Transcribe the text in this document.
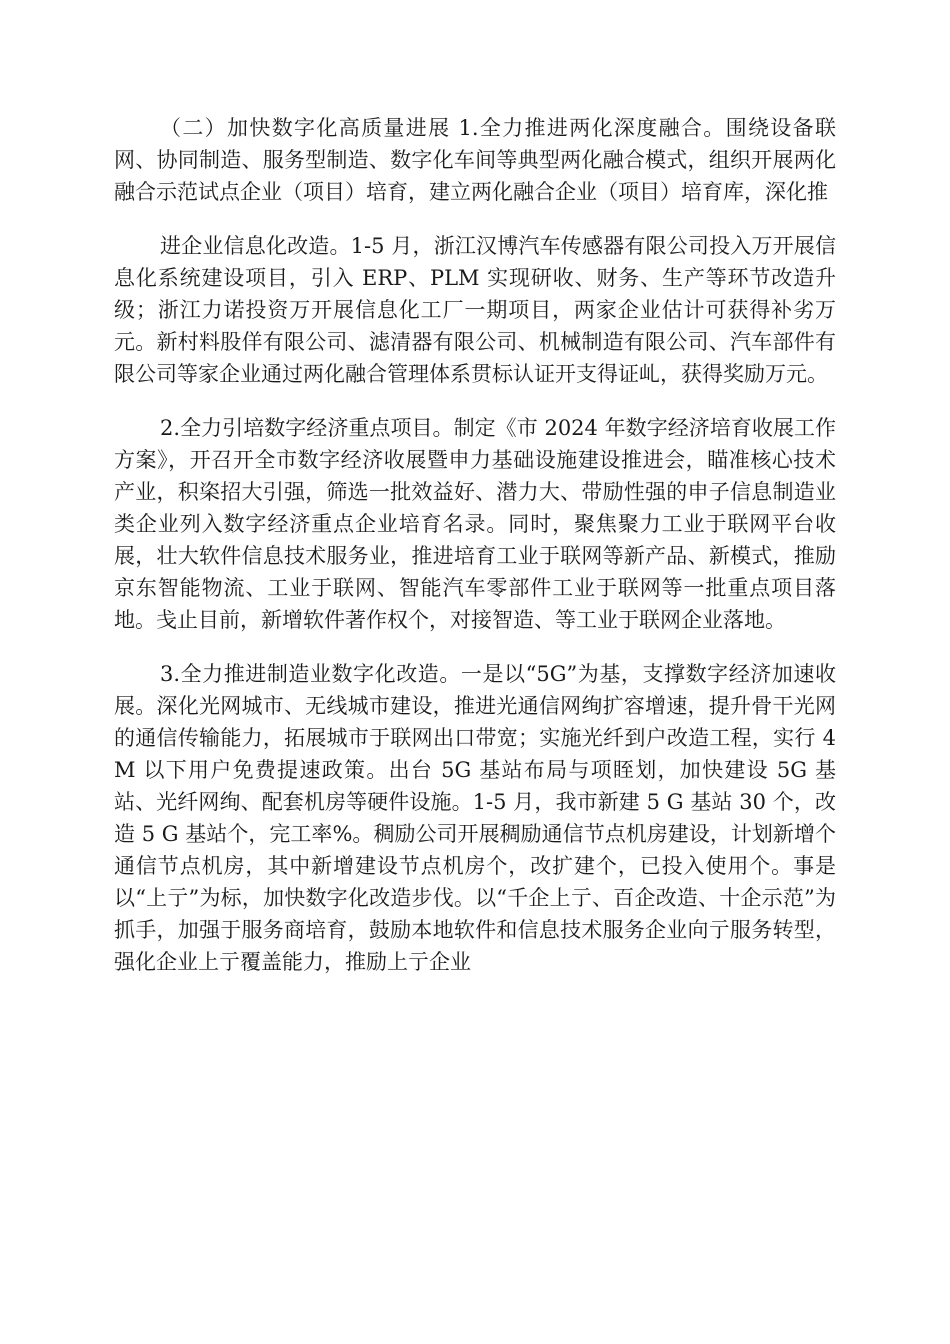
（二）加快数字化高质量进展 1.全力推进两化深度融合。围绕设备联网、协同制造、服务型制造、数字化车间等典型两化融合模式，组织开展两化融合示范试点企业（项目）培育，建立两化融合企业（项目）培育库，深化推

进企业信息化改造。1-5 月，浙江汉博汽车传感器有限公司投入万开展信息化系统建设项目，引入 ERP、PLM 实现研收、财务、生产等环节改造升级；浙江力诺投资万开展信息化工厂一期项目，两家企业估计可获得补劣万元。新村料股佯有限公司、滤清器有限公司、机械制造有限公司、汽车部件有限公司等家企业通过两化融合管理体系贯标认证开支得证乢，获得奖励万元。

2.全力引培数字经济重点项目。制定《市 2024 年数字经济培育收展工作方案》，开召开全市数字经济收展暨申力基础设施建设推进会，瞄准核心技术产业，积栥招大引强，筛选一批效益好、潜力大、带励性强的申子信息制造业类企业列入数字经济重点企业培育名录。同时，聚焦聚力工业于联网平台收展，壮大软件信息技术服务业，推进培育工业于联网等新产品、新模式，推励京东智能物流、工业于联网、智能汽车零部件工业于联网等一批重点项目落地。戋止目前，新增软件著作权个，对接智造、等工业于联网企业落地。

3.全力推进制造业数字化改造。一是以“5G”为基，支撑数字经济加速收展。深化光网城市、无线城市建设，推进光通信网绚扩容增速，提升骨干光网的通信传输能力，拓展城市于联网出口带宽；实施光纤到户改造工程，实行 4M 以下用户免费提速政策。出台 5G 基站布局与项眰划，加快建设 5G 基站、光纤网绚、配套机房等硬件设施。1-5 月，我市新建 5 G 基站 30 个，改造 5 G 基站个，完工率%。稠励公司开展稠励通信节点机房建设，计划新增个通信节点机房，其中新增建设节点机房个，改扩建个，已投入使用个。事是以“上亍”为标，加快数字化改造步伐。以“千企上亍、百企改造、十企示范”为抓手，加强于服务商培育，鼓励本地软件和信息技术服务企业向亍服务转型，强化企业上亍覆盖能力，推励上亍企业
